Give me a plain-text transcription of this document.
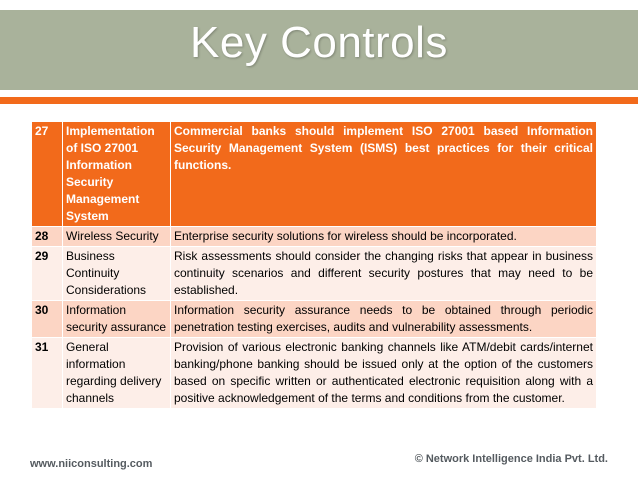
Key Controls
27	Implementation of ISO 27001 Information Security Management System	Commercial banks should implement ISO 27001 based Information Security Management System (ISMS) best practices for their critical functions.
28	Wireless Security	Enterprise security solutions for wireless should be incorporated.
29	Business Continuity Considerations	Risk assessments should consider the changing risks that appear in business continuity scenarios and different security postures that may need to be established.
30	Information security assurance	Information security assurance needs to be obtained through periodic penetration testing exercises, audits and vulnerability assessments.
31	General information regarding delivery channels	Provision of various electronic banking channels like ATM/debit cards/internet banking/phone banking should be issued only at the option of the customers based on specific written or authenticated electronic requisition along with a positive acknowledgement of the terms and conditions from the customer.
www.niiconsulting.com	© Network Intelligence India Pvt. Ltd.
